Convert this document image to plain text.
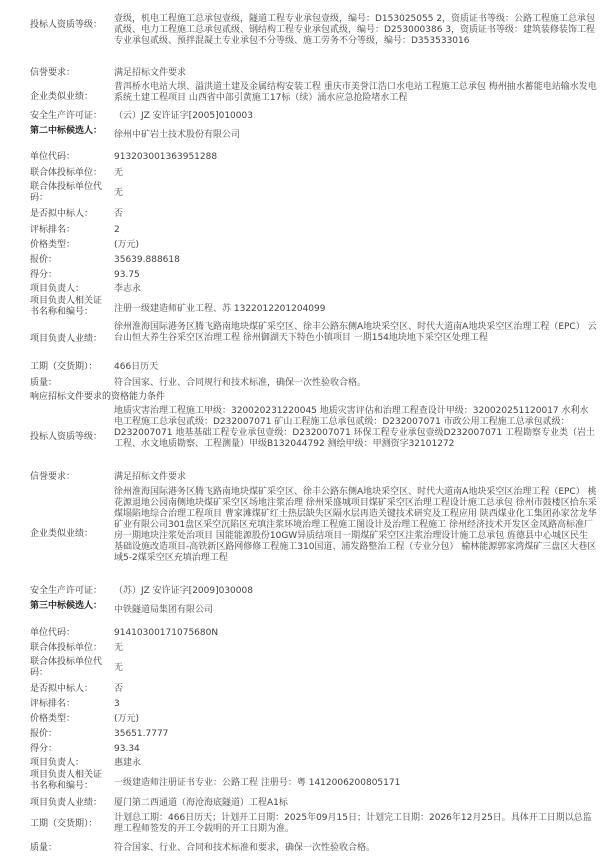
投标人资质等级：
壹级，机电工程施工总承包壹级，隧道工程专业承包壹级，编号：D153025055 2，资质证书等级：公路工程施工总承包贰级、电力工程施工总承包贰级、钢结构工程专业承包贰级，编号：D253000386 3，资质证书等级：建筑装修装饰工程专业承包贰级、预拌混凝土专业承包不分等级、施工劳务不分等级，编号：D353533016
信誉要求：	满足招标文件要求
企业类似业绩：
普洱桥水电站大坝、溢洪道土建及金属结构安装工程 重庆市美誉江浩口水电站工程施工总承包 梅州抽水蓄能电站输水发电系统土建工程项目 山西省中部引黄施工17标（续）涌水应急抢险堵水工程
安全生产许可证：	（云）JZ 安许证字[2005]010003
第二中标候选人：	徐州中矿岩土技术股份有限公司
单位代码：	913203001363951288
联合体投标单位：	无
联合体投标单位代码：	无
是否拟中标人：	否
评标排名：	2
价格类型：	(万元)
报价：	35639.888618
得分：	93.75
项目负责人：	李志永
项目负责人相关证书名称和编号：	注册一级建造师矿业工程、苏 1322012201204099
项目负责人业绩：
徐州淮海国际港务区腾飞路南地块煤矿采空区、徐丰公路东侧A地块采空区、时代大道南A地块采空区治理工程（EPC） 云台山恒大养生谷采空区治理工程 徐州御湖天下特色小镇项目 一期154地块地下采空区处理工程
工期（交货期）：	466日历天
质量：	符合国家、行业、合同规行和技术标准，确保一次性验收合格。
响应招标文件要求的资格能力条件
投标人资质等级：
地质灾害治理工程施工甲级：320020231220045 地质灾害评估和治理工程查设计甲级：320020251120017 水利水电工程施工总承包贰级：D232007071 矿山工程施工总承包贰级：D232007071 市政公用工程施工总承包贰级：D232007071 地基基础工程专业承包壹级：D232007071 环保工程专业承包壹级D232007071 工程勘察专业类（岩土工程、水文地质勘察、工程测量）甲级B132044792 测绘甲级：甲测资字32101272
信誉要求：	满足招标文件要求
企业类似业绩：
徐州淮海国际港务区腾飞路南地块煤矿采空区、徐丰公路东侧A地块采空区、时代大道南A地块采空区治理工程（EPC） 桃花源退地公园南侧地块煤矿采空区场地注浆治理 徐州采盛城项目煤矿采空区治理工程设计施工总承包 徐州市鼓楼区拾东采煤塌陷地综合治理工程项目 曹家滩煤矿红土热层缺失区隔水层再造关键技术研究及工程应用 陕西煤业化工集团孙家岔龙华矿业有限公司301盘区采空沉陷区充填注浆环境治理工程施工图设计及治理工程施工 徐州经济技术开发区金凤路高标准厂房一期地块注浆处治项目 国能能源股份10GW异质结项目一期煤矿采空区注浆治理设计施工总承包 旌德县中心城区民生基础设施改造项目-高铁新区路网修修工程施工310国道、浦发路整治工程（专业分包） 榆林能源郭家湾煤矿三盘区大巷区域5-2煤采空区充填治理工程
安全生产许可证：	（苏）JZ 安许证字[2009]030008
第三中标候选人：	中铁隧道局集团有限公司
单位代码：	91410300171075680N
联合体投标单位：	无
联合体投标单位代码：	无
是否拟中标人：	否
评标排名：	3
价格类型：	(万元)
报价：	35651.7777
得分：	93.34
项目负责人：	惠建永
项目负责人相关证书名称和编号：	一级建造师注册证书专业：公路工程 注册号：粤 1412006200805171
项目负责人业绩：	厦门第二西通道（海沧海底隧道）工程A1标
工期（交货期）：
计划总工期：466日历天；计划开工日期：2025年09月15日；计划完工日期：2026年12月25日。具体开工日期以总监理工程师签发的开工令载明的开工日期为准。
质量：	符合国家、行业、合同和技术标准和要求，确保一次性验收合格。
